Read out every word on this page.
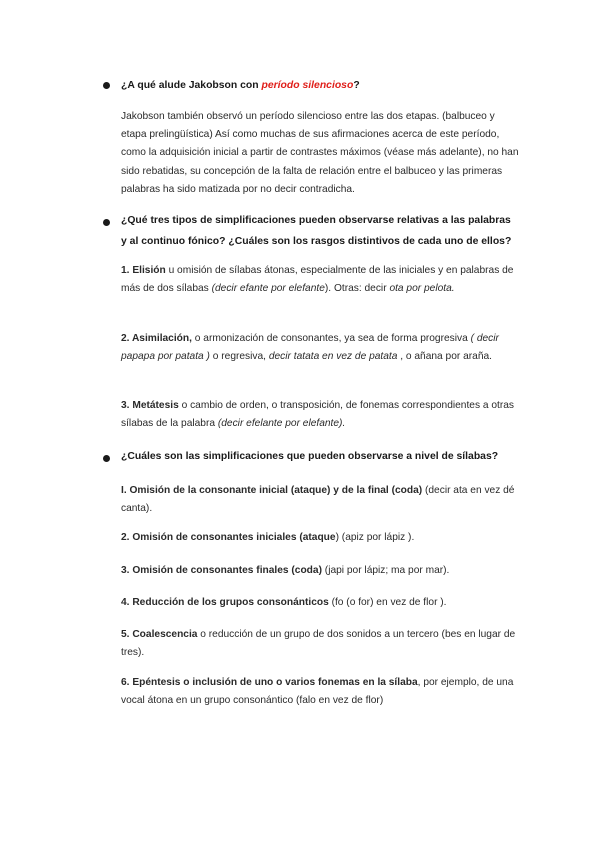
¿A qué alude Jakobson con período silencioso?
Jakobson también observó un período silencioso entre las dos etapas. (balbuceo y etapa prelingüística) Así como muchas de sus afirmaciones acerca de este período, como la adquisición inicial a partir de contrastes máximos (véase más adelante), no han sido rebatidas, su concepción de la falta de relación entre el balbuceo y las primeras palabras ha sido matizada por no decir contradicha.
¿Qué tres tipos de simplificaciones pueden observarse relativas a las palabras
y al continuo fónico? ¿Cuáles son los rasgos distintivos de cada uno de ellos?
1. Elisión u omisión de sílabas átonas, especialmente de las iniciales y en palabras de más de dos sílabas (decir efante por elefante). Otras: decir ota por pelota.
2. Asimilación, o armonización de consonantes, ya sea de forma progresiva ( decir papapa por patata ) o regresiva, decir tatata en vez de patata , o añana por araña.
3. Metátesis o cambio de orden, o transposición, de fonemas correspondientes a otras sílabas de la palabra (decir efelante por elefante).
¿Cuáles son las simplificaciones que pueden observarse a nivel de sílabas?
I. Omisión de la consonante inicial (ataque) y de la final (coda) (decir ata en vez dé canta).
2. Omisión de consonantes iniciales (ataque) (apiz por lápiz ).
3. Omisión de consonantes finales (coda) (japi por lápiz; ma por mar).
4. Reducción de los grupos consonánticos (fo (o for) en vez de flor ).
5. Coalescencia o reducción de un grupo de dos sonidos a un tercero (bes en lugar de tres).
6. Epéntesis o inclusión de uno o varios fonemas en la sílaba, por ejemplo, de una vocal átona en un grupo consonántico (falo en vez de flor)
